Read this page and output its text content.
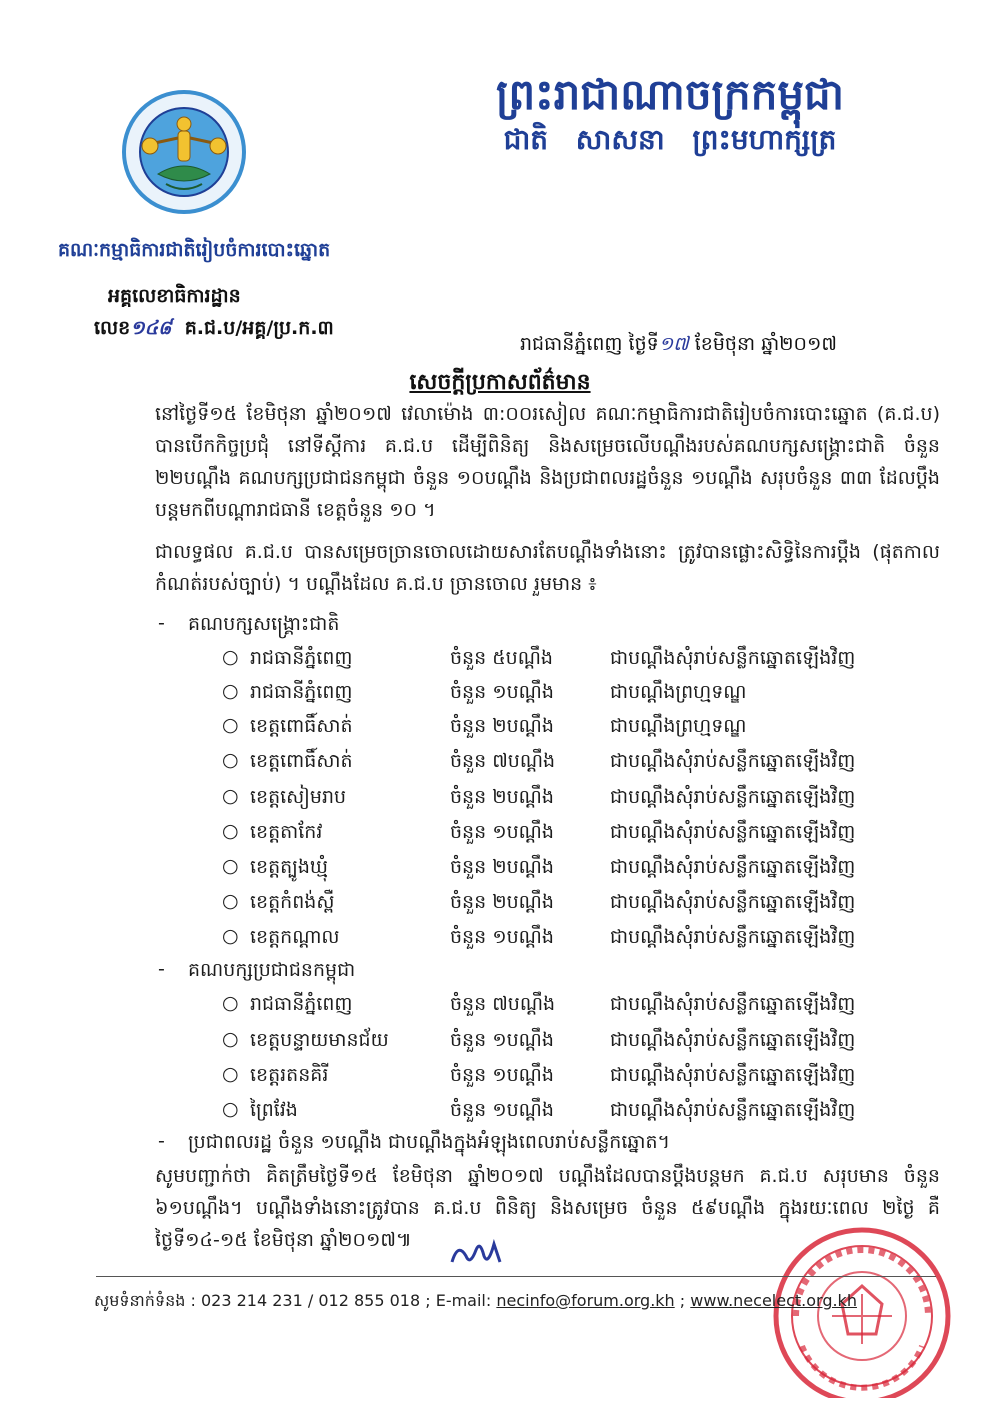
ព្រះរាជាណាចក្រកម្ពុជា
ជាតិ សាសនា ព្រះមហាក្សត្រ
គណៈកម្មាធិការជាតិរៀបចំការបោះឆ្នោត
អគ្គលេខាធិការដ្ឋាន
លេខ១៤៨ គ.ជ.ប/អគ្គ/ប្រ.ក.៣
រាជធានីភ្នំពេញ ថ្ងៃទី១៧ ខែមិថុនា ឆ្នាំ២០១៧
សេចក្តីប្រកាសព័ត៌មាន

នៅថ្ងៃទី១៥ ខែមិថុនា ឆ្នាំ២០១៧ វេលាម៉ោង ៣:០០រសៀល គណៈកម្មាធិការជាតិរៀបចំការបោះឆ្នោត (គ.ជ.ប) បានបើកកិច្ចប្រជុំ នៅទីស្តីការ គ.ជ.ប ដើម្បីពិនិត្យ និងសម្រេចលើបណ្តឹងរបស់គណបក្សសង្គ្រោះជាតិ ចំនួន ២២បណ្តឹង គណបក្សប្រជាជនកម្ពុជា ចំនួន ១០បណ្តឹង និងប្រជាពលរដ្ឋចំនួន ១បណ្តឹង សរុបចំនួន ៣៣ ដែលប្តឹងបន្តមកពីបណ្តារាជធានី ខេត្តចំនួន ១០ ។

ជាលទ្ធផល គ.ជ.ប បានសម្រេចច្រានចោលដោយសារតែបណ្តឹងទាំងនោះ ត្រូវបានផ្លោះសិទ្ធិនៃការប្តឹង (ផុតកាលកំណត់របស់ច្បាប់) ។ បណ្តឹងដែល គ.ជ.ប ច្រានចោល រួមមាន ៖

- គណបក្សសង្គ្រោះជាតិ
○ រាជធានីភ្នំពេញ	ចំនួន ៥បណ្តឹង	ជាបណ្តឹងសុំរាប់សន្លឹកឆ្នោតឡើងវិញ
○ រាជធានីភ្នំពេញ	ចំនួន ១បណ្តឹង	ជាបណ្តឹងព្រហ្មទណ្ឌ
○ ខេត្តពោធិ៍សាត់	ចំនួន ២បណ្តឹង	ជាបណ្តឹងព្រហ្មទណ្ឌ
○ ខេត្តពោធិ៍សាត់	ចំនួន ៧បណ្តឹង	ជាបណ្តឹងសុំរាប់សន្លឹកឆ្នោតឡើងវិញ
○ ខេត្តសៀមរាប	ចំនួន ២បណ្តឹង	ជាបណ្តឹងសុំរាប់សន្លឹកឆ្នោតឡើងវិញ
○ ខេត្តតាកែវ	ចំនួន ១បណ្តឹង	ជាបណ្តឹងសុំរាប់សន្លឹកឆ្នោតឡើងវិញ
○ ខេត្តត្បូងឃ្មុំ	ចំនួន ២បណ្តឹង	ជាបណ្តឹងសុំរាប់សន្លឹកឆ្នោតឡើងវិញ
○ ខេត្តកំពង់ស្ពឺ	ចំនួន ២បណ្តឹង	ជាបណ្តឹងសុំរាប់សន្លឹកឆ្នោតឡើងវិញ
○ ខេត្តកណ្តាល	ចំនួន ១បណ្តឹង	ជាបណ្តឹងសុំរាប់សន្លឹកឆ្នោតឡើងវិញ
- គណបក្សប្រជាជនកម្ពុជា
○ រាជធានីភ្នំពេញ	ចំនួន ៧បណ្តឹង	ជាបណ្តឹងសុំរាប់សន្លឹកឆ្នោតឡើងវិញ
○ ខេត្តបន្ទាយមានជ័យ	ចំនួន ១បណ្តឹង	ជាបណ្តឹងសុំរាប់សន្លឹកឆ្នោតឡើងវិញ
○ ខេត្តរតនគិរី	ចំនួន ១បណ្តឹង	ជាបណ្តឹងសុំរាប់សន្លឹកឆ្នោតឡើងវិញ
○ ព្រៃវែង	ចំនួន ១បណ្តឹង	ជាបណ្តឹងសុំរាប់សន្លឹកឆ្នោតឡើងវិញ
- ប្រជាពលរដ្ឋ ចំនួន ១បណ្តឹង ជាបណ្តឹងក្នុងអំឡុងពេលរាប់សន្លឹកឆ្នោត។

សូមបញ្ជាក់ថា គិតត្រឹមថ្ងៃទី១៥ ខែមិថុនា ឆ្នាំ២០១៧ បណ្តឹងដែលបានប្តឹងបន្តមក គ.ជ.ប សរុបមាន ចំនួន ៦១បណ្តឹង។ បណ្តឹងទាំងនោះត្រូវបាន គ.ជ.ប ពិនិត្យ និងសម្រេច ចំនួន ៥៩បណ្តឹង ក្នុងរយៈពេល ២ថ្ងៃ គឺថ្ងៃទី១៤-១៥ ខែមិថុនា ឆ្នាំ២០១៧៕

សូមទំនាក់ទំនង : 023 214 231 / 012 855 018 ; E-mail: necinfo@forum.org.kh ; www.necelect.org.kh
